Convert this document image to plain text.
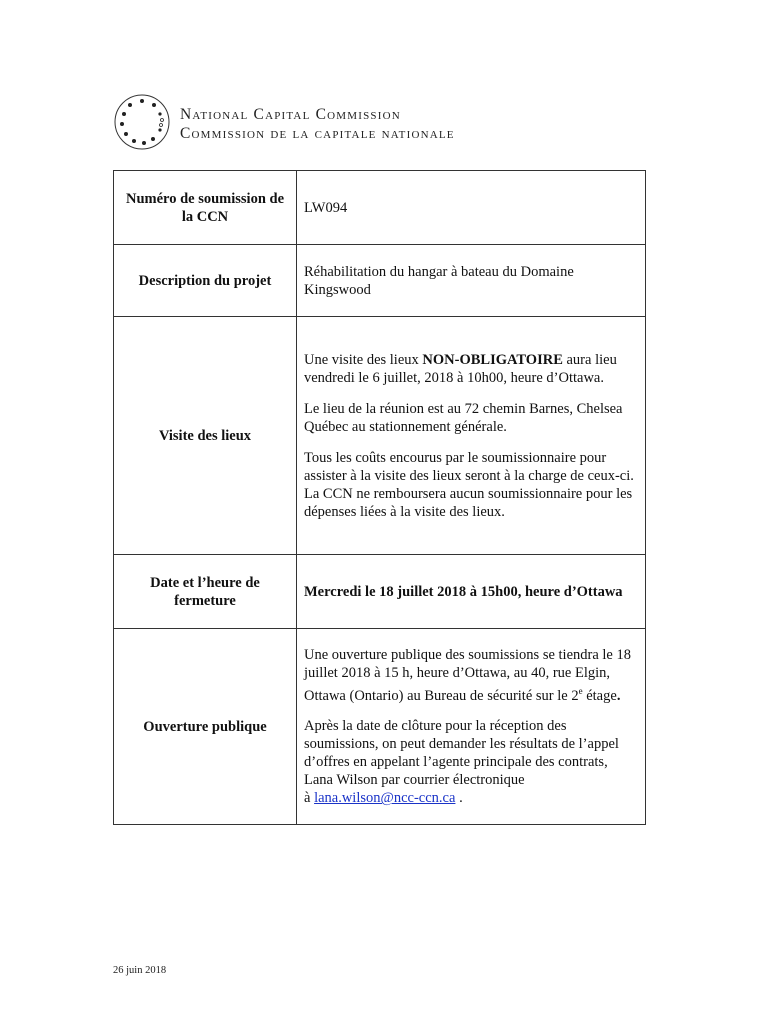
National Capital Commission
Commission de la capitale nationale
Numéro de soumission de la CCN	LW094
Description du projet	Réhabilitation du hangar à bateau du Domaine Kingswood
Visite des lieux	Une visite des lieux NON-OBLIGATOIRE aura lieu vendredi le 6 juillet, 2018 à 10h00, heure d’Ottawa.

Le lieu de la réunion est au 72 chemin Barnes, Chelsea Québec au stationnement générale.

Tous les coûts encourus par le soumissionnaire pour assister à la visite des lieux seront à la charge de ceux-ci. La CCN ne remboursera aucun soumissionnaire pour les dépenses liées à la visite des lieux.

Date et l’heure de fermeture	Mercredi le 18 juillet 2018 à 15h00, heure d’Ottawa
Ouverture publique	Une ouverture publique des soumissions se tiendra le 18 juillet 2018 à 15 h, heure d’Ottawa, au 40, rue Elgin, Ottawa (Ontario) au Bureau de sécurité sur le 2e étage.

Après la date de clôture pour la réception des soumissions, on peut demander les résultats de l’appel d’offres en appelant l’agente principale des contrats, Lana Wilson par courrier électronique
à lana.wilson@ncc-ccn.ca .

26 juin 2018
